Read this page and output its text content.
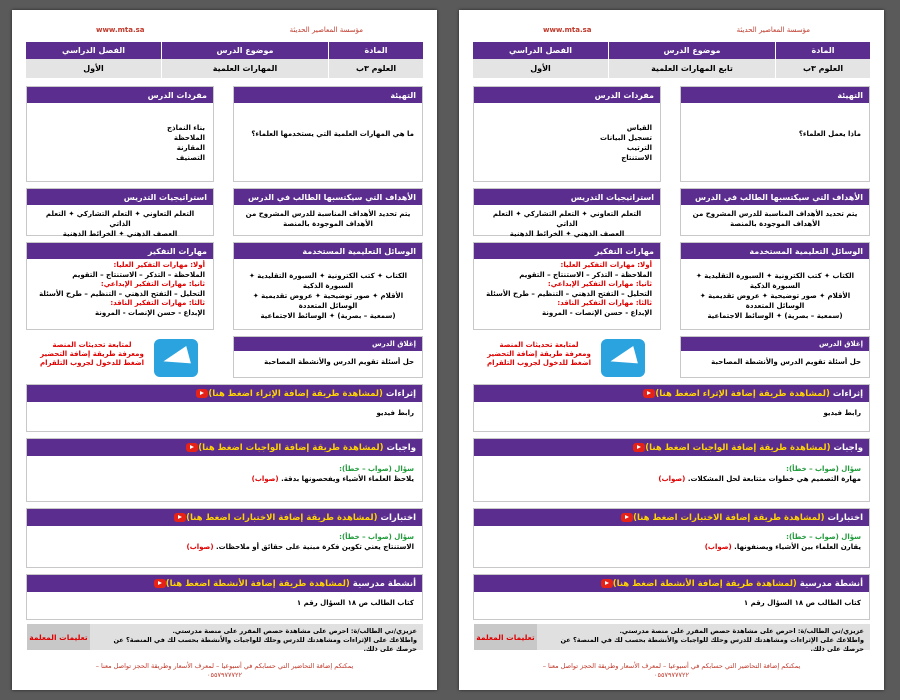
www.mta.sa	مؤسسة المعاصير الحديثة
المادة
العلوم ٣ب
موضوع الدرس
تابع المهارات العلمية
الفصل الدراسي
الأول
التهيئة
ماذا يعمل العلماء؟
مفردات الدرس
القياس
تسجيل البيانات
الترتيب
الاستنتاج
الأهداف التي سيكتسبها الطالب في الدرس
يتم تحديد الأهداف المناسبة للدرس المشروح من الأهداف الموجودة بالمنصة
استراتيجيات التدريس
التعلم التعاوني ✦ التعلم التشاركي ✦ التعلم الذاتي
العصف الذهني ✦ الخرائط الذهنية
الوسائل التعليمية المستخدمة
الكتاب ✦ كتب الكترونية ✦ السبورة التقليدية ✦ السبورة الذكية
الأقلام ✦ صور توضيحية ✦ عروض تقديمية ✦ الوسائل المتعددة
(سمعية – بصرية) ✦ الوسائط الاجتماعية
مهارات التفكير
أولا: مهارات التفكير العليا:
الملاحظة – التذكر – الاستنتاج – التقويم
ثانيا: مهارات التفكير الإبداعي:
التحليل – التفتح الذهني – التنظيم – طرح الأسئلة
ثالثا: مهارات التفكير الناقد:
الإبداع - حسن الإنصات - المرونة
إغلاق الدرس
حل أسئلة تقويم الدرس والأنشطة المصاحبة
لمتابعة تحديثات المنصة
ومعرفة طريقة إضافة التحضير
اضغط للدخول لجروب التلقرام
إثراءات
(لمشاهدة طريقة إضافة الإثراء اضغط هنا)
رابط فيديو
واجبات
(لمشاهدة طريقة إضافة الواجبات اضغط هنا)
سؤال (صواب – خطأ):
مهارة التصميم هي خطوات متتابعة لحل المشكلات. (صواب)
اختبارات
(لمشاهدة طريقة إضافة الاختبارات اضغط هنا)
سؤال (صواب – خطأ):
يقارن العلماء بين الأشياء ويصنفونها. (صواب)
أنشطة مدرسية
(لمشاهدة طريقة إضافة الأنشطة اضغط هنا)
كتاب الطالب ص ١٨ السؤال رقم ١
عزيزي/تي الطالب/ة: احرص على مشاهدة حصص المقرر على منصة مدرستي.
واطلاعك على الإثراءات ومشاهدتك للدرس وحلك للواجبات والأنشطة بحسب لك في المنصة؟ عن حرصك على ذلك.
تعليمات المعلمة
يمكنكم إضافة التحاضير التي حسابكم في أسبوعيا – لمعرف الأسعار وطريقة الحجز تواصل معنا –
٠٥٥٧٩٧٧٧٢٢
www.mta.sa	مؤسسة المعاصير الحديثة
المادة
العلوم ٣ب
موضوع الدرس
المهارات العلمية
الفصل الدراسي
الأول
التهيئة
ما هي المهارات العلمية التي يستخدمها العلماء؟
مفردات الدرس
بناء النماذج
الملاحظة
المقارنة
التصنيف
الأهداف التي سيكتسبها الطالب في الدرس
يتم تحديد الأهداف المناسبة للدرس المشروح من الأهداف الموجودة بالمنصة
استراتيجيات التدريس
التعلم التعاوني ✦ التعلم التشاركي ✦ التعلم الذاتي
العصف الذهني ✦ الخرائط الذهنية
الوسائل التعليمية المستخدمة
الكتاب ✦ كتب الكترونية ✦ السبورة التقليدية ✦ السبورة الذكية
الأقلام ✦ صور توضيحية ✦ عروض تقديمية ✦ الوسائل المتعددة
(سمعية – بصرية) ✦ الوسائط الاجتماعية
مهارات التفكير
أولا: مهارات التفكير العليا:
الملاحظة – التذكر – الاستنتاج – التقويم
ثانيا: مهارات التفكير الإبداعي:
التحليل – التفتح الذهني – التنظيم – طرح الأسئلة
ثالثا: مهارات التفكير الناقد:
الإبداع - حسن الإنصات - المرونة
إغلاق الدرس
حل أسئلة تقويم الدرس والأنشطة المصاحبة
لمتابعة تحديثات المنصة
ومعرفة طريقة إضافة التحضير
اضغط للدخول لجروب التلقرام
إثراءات
(لمشاهدة طريقة إضافة الإثراء اضغط هنا)
رابط فيديو
واجبات
(لمشاهدة طريقة إضافة الواجبات اضغط هنا)
سؤال (صواب – خطأ):
يلاحظ العلماء الأشياء ويفحصونها بدقة. (صواب)
اختبارات
(لمشاهدة طريقة إضافة الاختبارات اضغط هنا)
سؤال (صواب – خطأ):
الاستنتاج يعني تكوين فكرة مبنية على حقائق أو ملاحظات. (صواب)
أنشطة مدرسية
(لمشاهدة طريقة إضافة الأنشطة اضغط هنا)
كتاب الطالب ص ١٨ السؤال رقم ١
عزيزي/تي الطالب/ة: احرص على مشاهدة حصص المقرر على منصة مدرستي.
واطلاعك على الإثراءات ومشاهدتك للدرس وحلك للواجبات والأنشطة بحسب لك في المنصة؟ عن حرصك على ذلك.
تعليمات المعلمة
يمكنكم إضافة التحاضير التي حسابكم في أسبوعيا – لمعرف الأسعار وطريقة الحجز تواصل معنا –
٠٥٥٧٩٧٧٧٢٢
